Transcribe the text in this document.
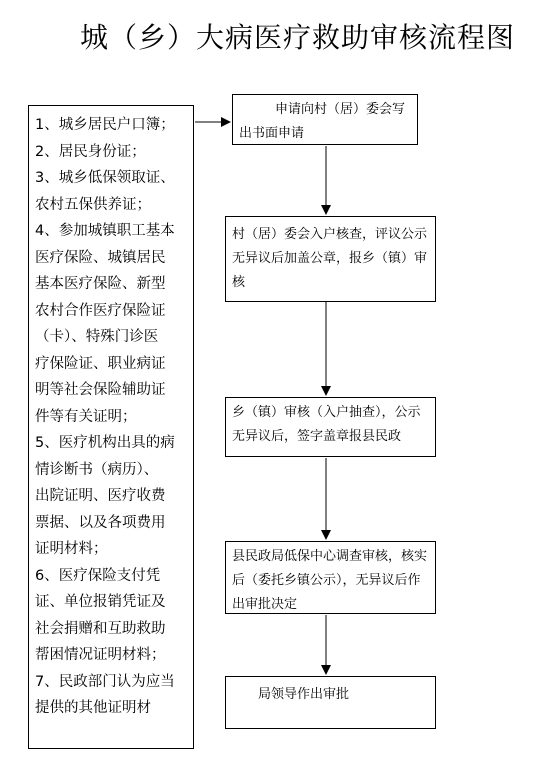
城（乡）大病医疗救助审核流程图
1、城乡居民户口簿；
2、居民身份证；
3、城乡低保领取证、
农村五保供养证；
4、参加城镇职工基本
医疗保险、城镇居民
基本医疗保险、新型
农村合作医疗保险证
（卡）、特殊门诊医
疗保险证、职业病证
明等社会保险辅助证
件等有关证明；
5、医疗机构出具的病
情诊断书（病历）、
出院证明、医疗收费
票据、以及各项费用
证明材料；
6、医疗保险支付凭
证、单位报销凭证及
社会捐赠和互助救助
帮困情况证明材料；
7、民政部门认为应当
提供的其他证明材
申请向村（居）委会写出书面申请
村（居）委会入户核查，评议公示无异议后加盖公章，报乡（镇）审核
乡（镇）审核（入户抽查），公示无异议后，签字盖章报县民政
县民政局低保中心调查审核，核实后（委托乡镇公示），无异议后作出审批决定
局领导作出审批
